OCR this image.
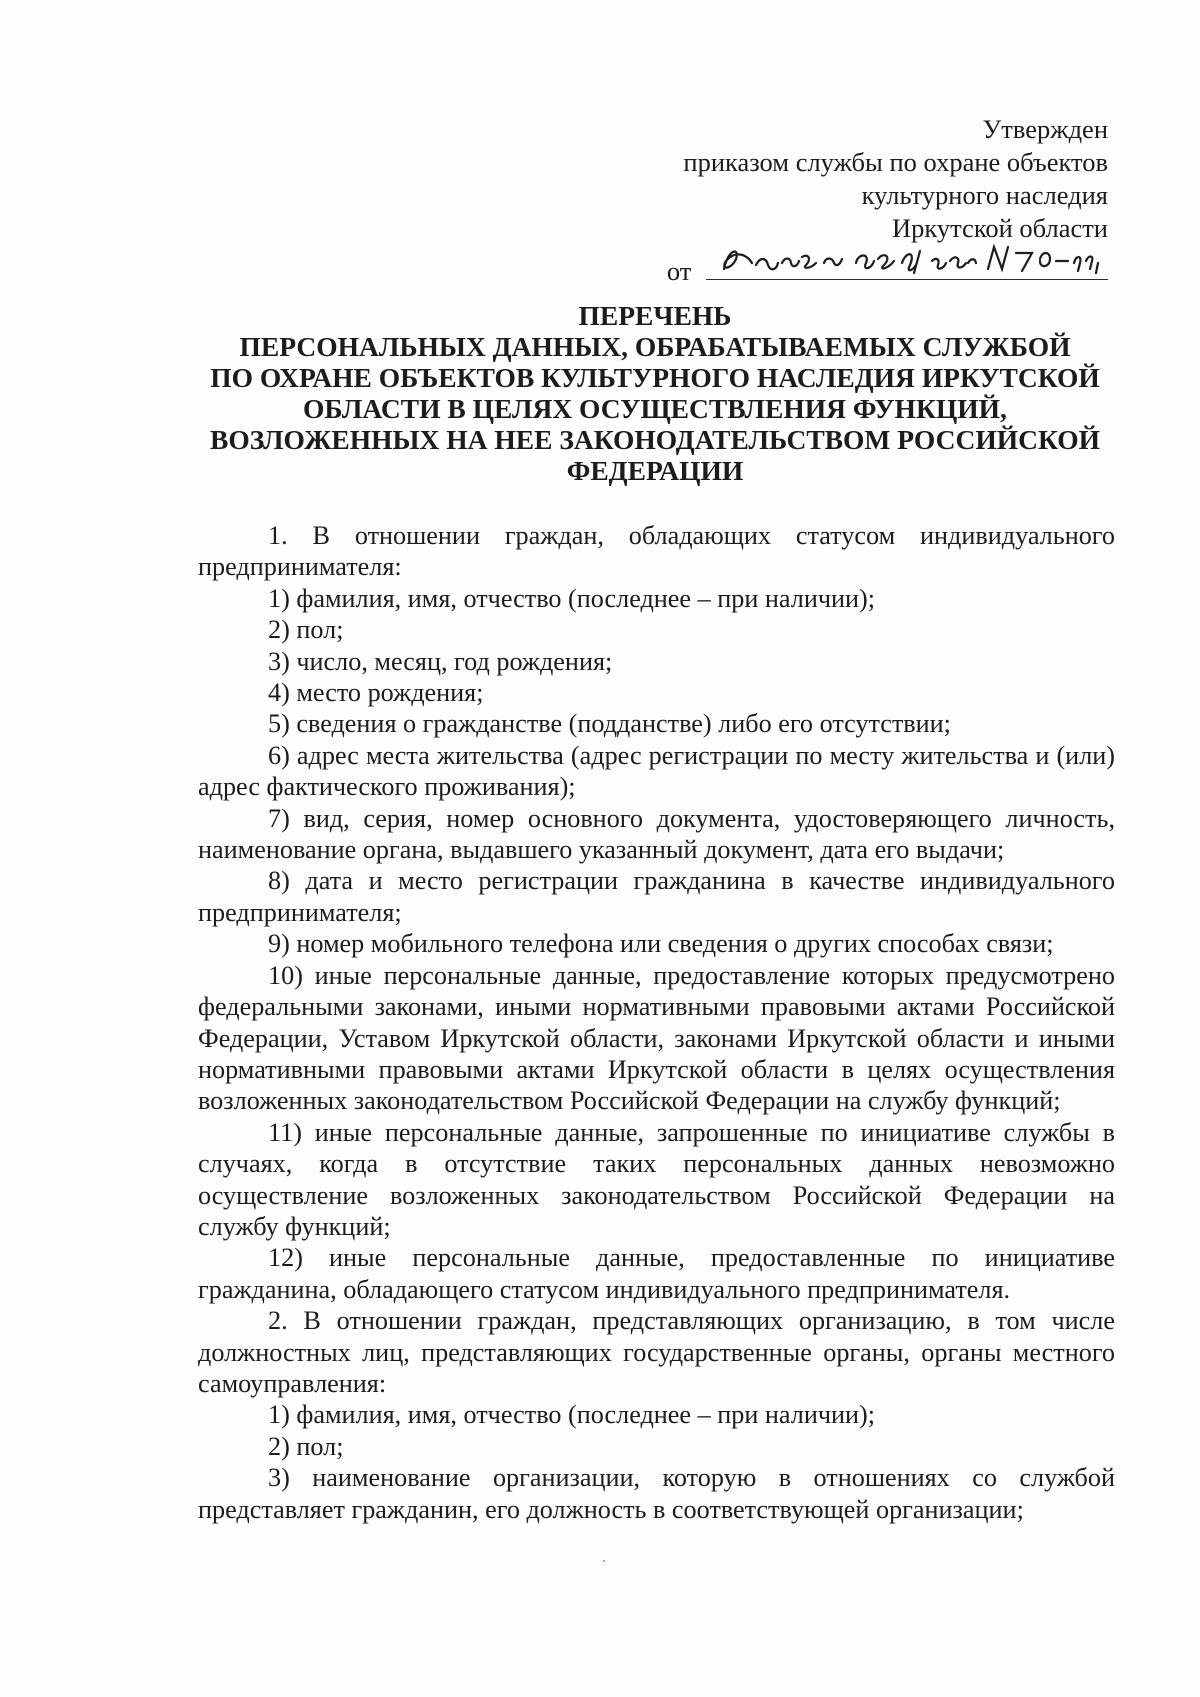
Утвержден
приказом службы по охране объектов
культурного наследия
Иркутской области
от
ПЕРЕЧЕНЬ
ПЕРСОНАЛЬНЫХ ДАННЫХ, ОБРАБАТЫВАЕМЫХ СЛУЖБОЙ
ПО ОХРАНЕ ОБЪЕКТОВ КУЛЬТУРНОГО НАСЛЕДИЯ ИРКУТСКОЙ
ОБЛАСТИ В ЦЕЛЯХ ОСУЩЕСТВЛЕНИЯ ФУНКЦИЙ,
ВОЗЛОЖЕННЫХ НА НЕЕ ЗАКОНОДАТЕЛЬСТВОМ РОССИЙСКОЙ
ФЕДЕРАЦИИ

1. В отношении граждан, обладающих статусом индивидуального предпринимателя:

1) фамилия, имя, отчество (последнее – при наличии);

2) пол;

3) число, месяц, год рождения;

4) место рождения;

5) сведения о гражданстве (подданстве) либо его отсутствии;

6) адрес места жительства (адрес регистрации по месту жительства и (или) адрес фактического проживания);

7) вид, серия, номер основного документа, удостоверяющего личность, наименование органа, выдавшего указанный документ, дата его выдачи;

8) дата и место регистрации гражданина в качестве индивидуального предпринимателя;

9) номер мобильного телефона или сведения о других способах связи;

10) иные персональные данные, предоставление которых предусмотрено федеральными законами, иными нормативными правовыми актами Российской Федерации, Уставом Иркутской области, законами Иркутской области и иными нормативными правовыми актами Иркутской области в целях осуществления возложенных законодательством Российской Федерации на службу функций;

11) иные персональные данные, запрошенные по инициативе службы в случаях, когда в отсутствие таких персональных данных невозможно осуществление возложенных законодательством Российской Федерации на службу функций;

12) иные персональные данные, предоставленные по инициативе гражданина, обладающего статусом индивидуального предпринимателя.

2. В отношении граждан, представляющих организацию, в том числе должностных лиц, представляющих государственные органы, органы местного самоуправления:

1) фамилия, имя, отчество (последнее – при наличии);

2) пол;

3) наименование организации, которую в отношениях со службой представляет гражданин, его должность в соответствующей организации;
